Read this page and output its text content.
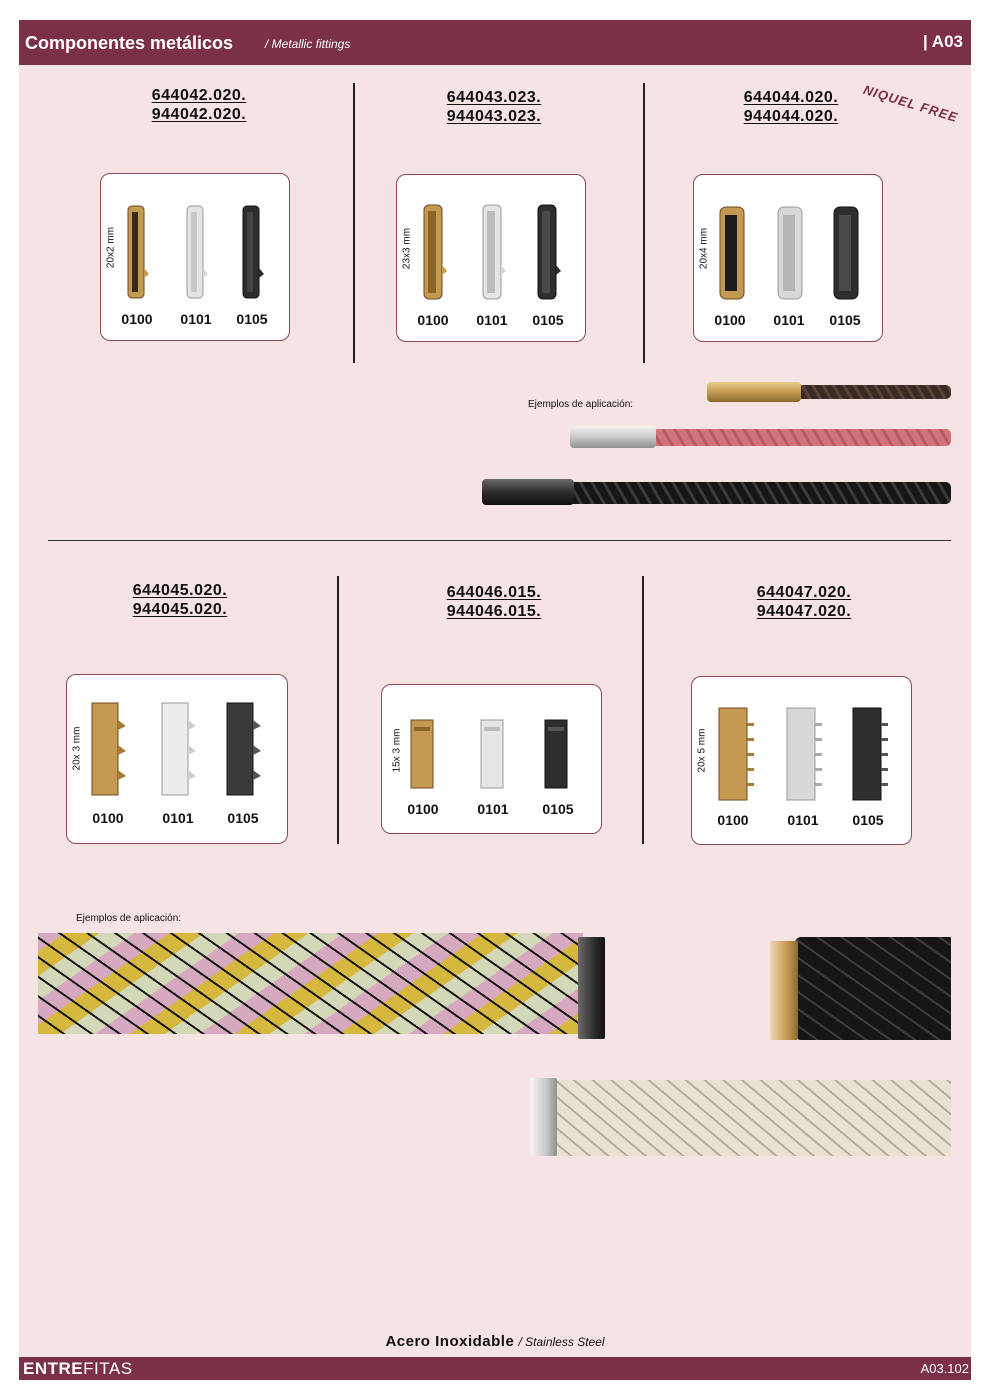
Componentes metálicos	/ Metallic fittings	| A03
NIQUEL FREE
644042.020.
944042.020.
20x2 mm
0100	0101	0105
644043.023.
944043.023.
23x3 mm
0100	0101	0105
644044.020.
944044.020.
20x4 mm
0100	0101	0105
Ejemplos de aplicación:
644045.020.
944045.020.
20x 3 mm
0100	0101	0105
644046.015.
944046.015.
15x 3 mm
0100	0101	0105
644047.020.
944047.020.
20x 5 mm
0100	0101	0105
Ejemplos de aplicación:
Acero Inoxidable / Stainless Steel
ENTREFITAS	A03.102
